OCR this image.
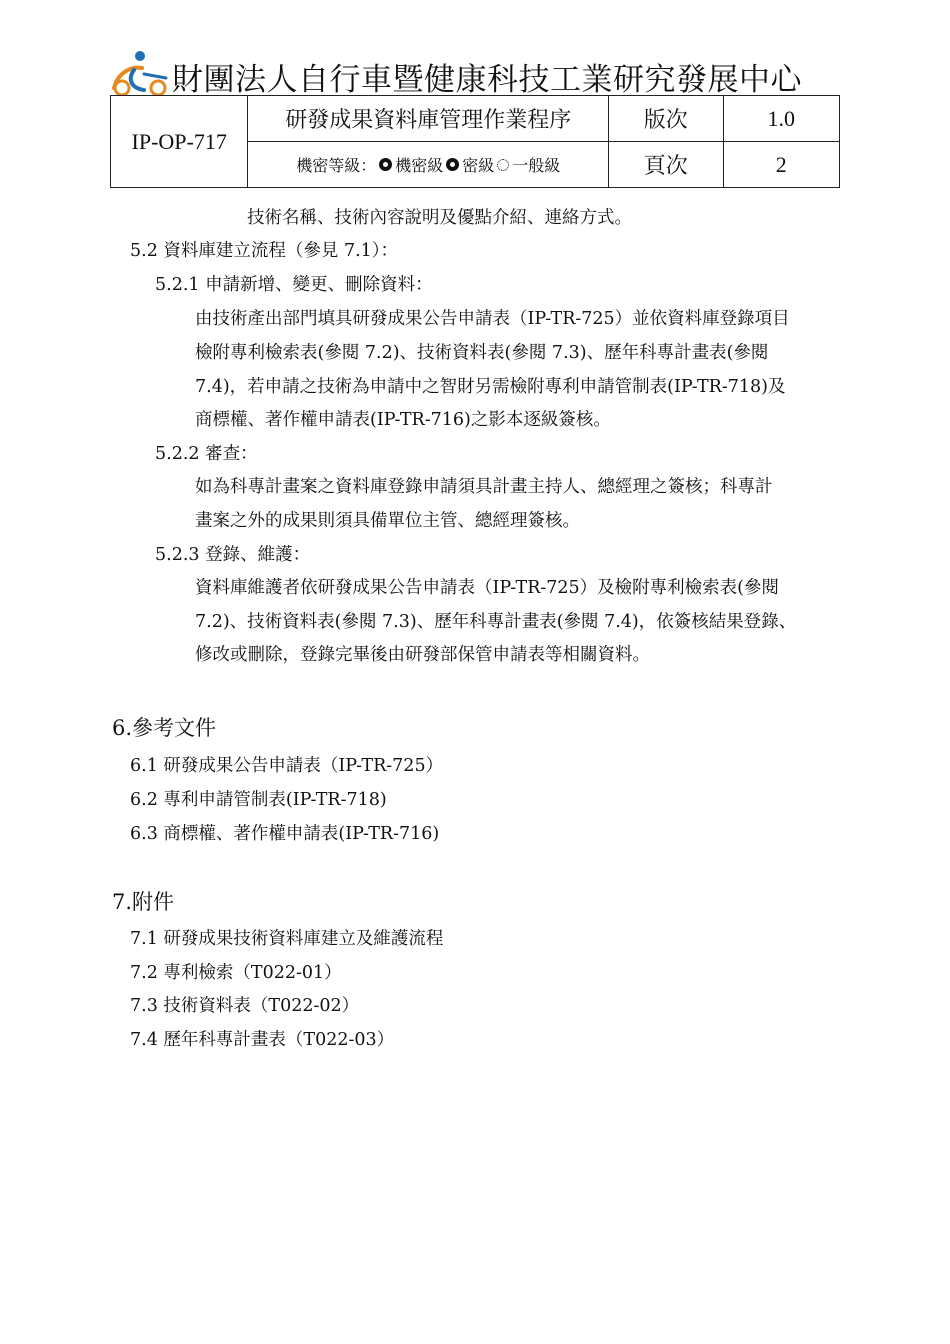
財團法人自行車暨健康科技工業研究發展中心
IP-OP-717	研發成果資料庫管理作業程序	版次	1.0

	機密等級： 機密級 密級 一般級	頁次	2
技術名稱、技術內容說明及優點介紹、連絡方式。
5.2 資料庫建立流程（參見 7.1）：
5.2.1 申請新增、變更、刪除資料：
由技術產出部門填具研發成果公告申請表（IP-TR-725）並依資料庫登錄項目
檢附專利檢索表(參閱 7.2)、技術資料表(參閱 7.3)、歷年科專計畫表(參閱
7.4)，若申請之技術為申請中之智財另需檢附專利申請管制表(IP-TR-718)及
商標權、著作權申請表(IP-TR-716)之影本逐級簽核。
5.2.2 審查：
如為科專計畫案之資料庫登錄申請須具計畫主持人、總經理之簽核；科專計
畫案之外的成果則須具備單位主管、總經理簽核。
5.2.3 登錄、維護：
資料庫維護者依研發成果公告申請表（IP-TR-725）及檢附專利檢索表(參閱
7.2)、技術資料表(參閱 7.3)、歷年科專計畫表(參閱 7.4)，依簽核結果登錄、
修改或刪除，登錄完畢後由研發部保管申請表等相關資料。
6.參考文件
6.1 研發成果公告申請表（IP-TR-725）
6.2 專利申請管制表(IP-TR-718)
6.3 商標權、著作權申請表(IP-TR-716)
7.附件
7.1 研發成果技術資料庫建立及維護流程
7.2 專利檢索（T022-01）
7.3 技術資料表（T022-02）
7.4 歷年科專計畫表（T022-03）
